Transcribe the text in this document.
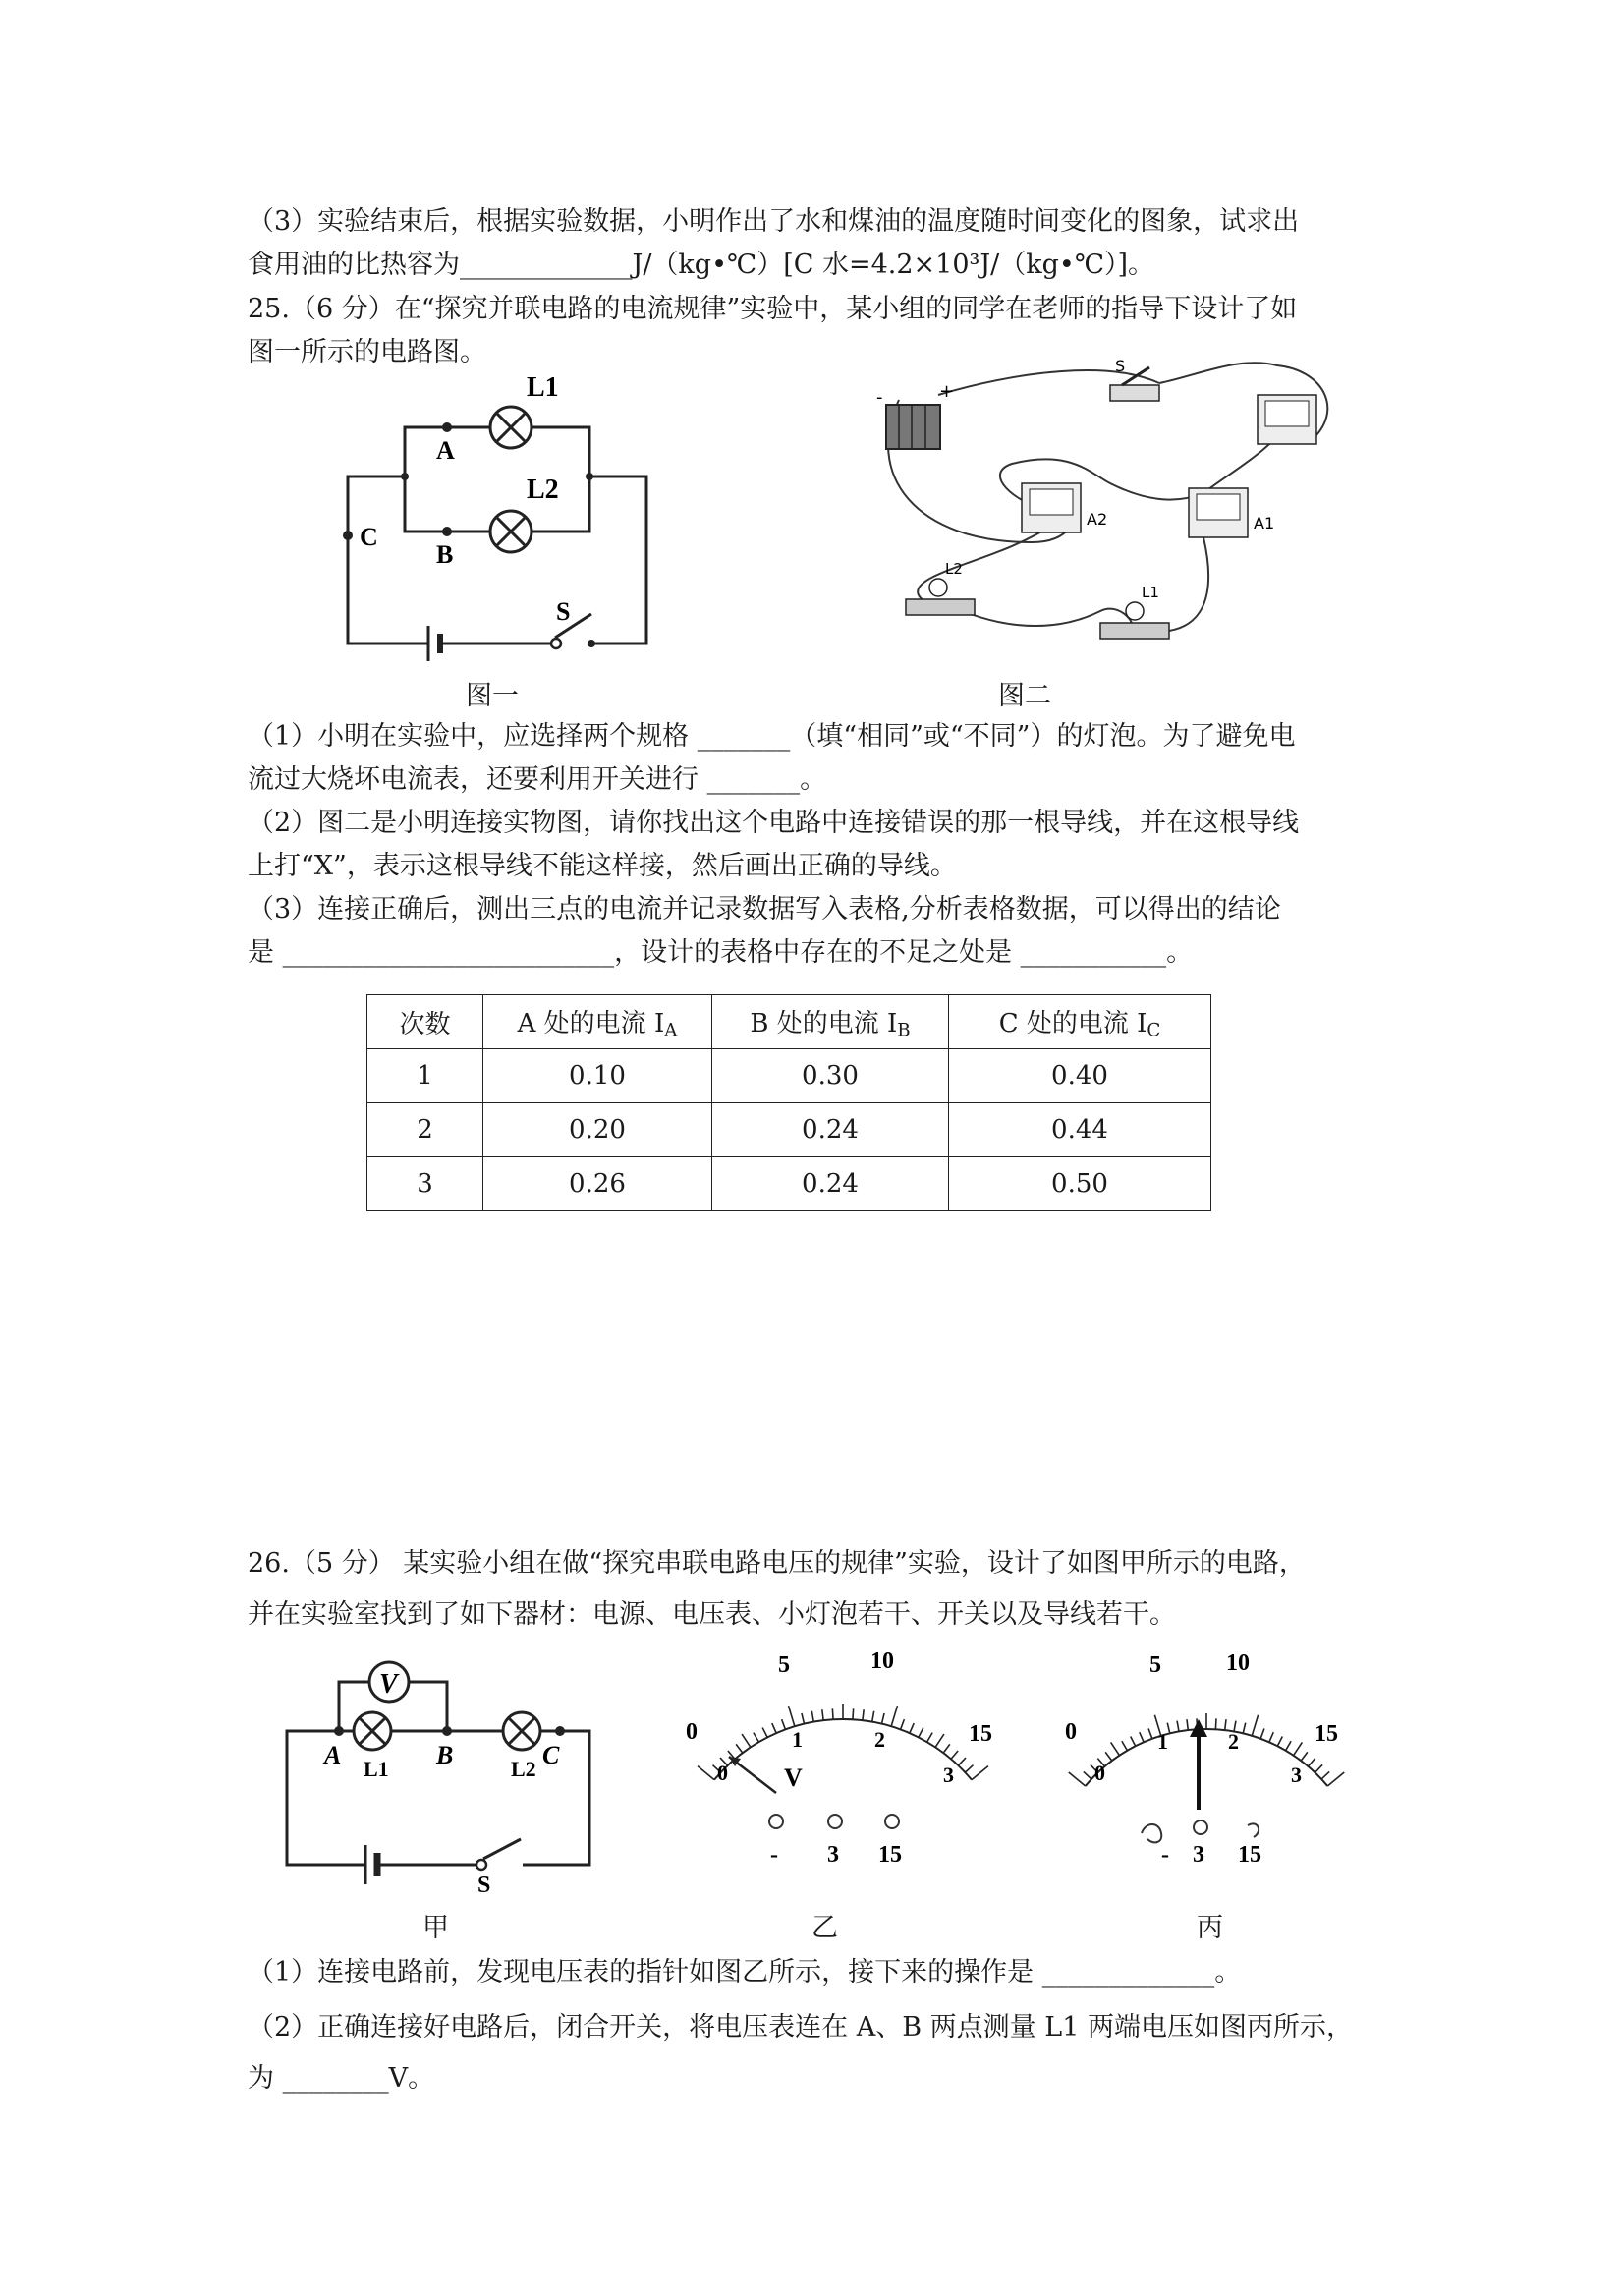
（3）实验结束后，根据实验数据，小明作出了水和煤油的温度随时间变化的图象，试求出
食用油的比热容为_____________J/（kg•℃）[C 水=4.2×10³J/（kg•℃）]。
25.（6 分）在“探究并联电路的电流规律”实验中，某小组的同学在老师的指导下设计了如
图一所示的电路图。
L1
L2
A
B
C
S
图一
-	+
S
A2	A1
L2
L1
图二
（1）小明在实验中，应选择两个规格 _______（填“相同”或“不同”）的灯泡。为了避免电
流过大烧坏电流表，还要利用开关进行 _______。
（2）图二是小明连接实物图，请你找出这个电路中连接错误的那一根导线，并在这根导线
上打“X”，表示这根导线不能这样接，然后画出正确的导线。
（3）连接正确后，测出三点的电流并记录数据写入表格,分析表格数据，可以得出的结论
是 _________________________，设计的表格中存在的不足之处是 ___________。
次数	A 处的电流 $I_A$	B 处的电流 $I_B$	C 处的电流 $I_C$
1	0.10	0.30	0.40
2	0.20	0.24	0.44
3	0.26	0.24	0.50
26.（5 分） 某实验小组在做“探究串联电路电压的规律”实验，设计了如图甲所示的电路，
并在实验室找到了如下器材：电源、电压表、小灯泡若干、开关以及导线若干。
V
A	B	C
L1	L2
S
甲
0
5	10
15
0
1	2
3
V
- 3 15
乙
0
5	10
15
0
1	2
3
- 3 15
丙
（1）连接电路前，发现电压表的指针如图乙所示，接下来的操作是 _____________。
（2）正确连接好电路后，闭合开关，将电压表连在 A、B 两点测量 L1 两端电压如图丙所示，
为 ________V。
